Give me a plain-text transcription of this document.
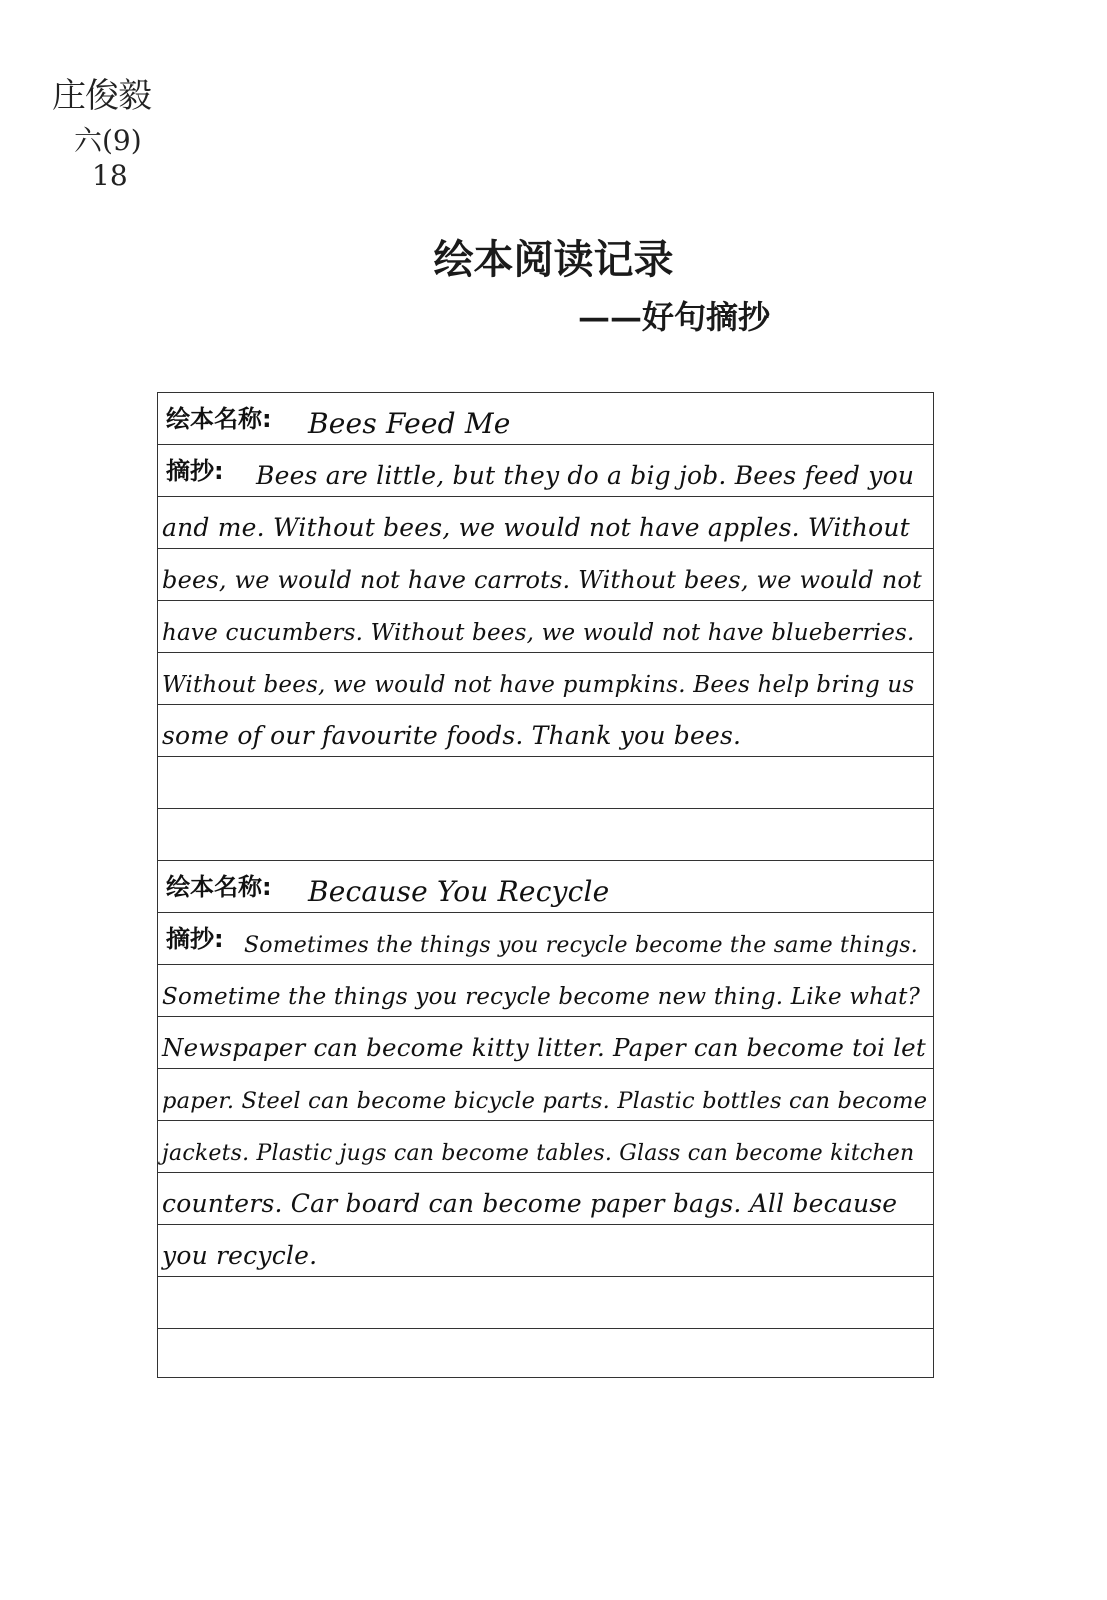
庄俊毅
六(9)
18
绘本阅读记录
——好句摘抄
绘本名称: Bees Feed Me
摘抄: Bees are little, but they do a big job. Bees feed you
and me. Without bees, we would not have apples. Without
bees, we would not have carrots. Without bees, we would not
have cucumbers. Without bees, we would not have blueberries.
Without bees, we would not have pumpkins. Bees help bring us
some of our favourite foods. Thank you bees.
绘本名称: Because You Recycle
摘抄: Sometimes the things you recycle become the same things.
Sometime the things you recycle become new thing. Like what?
Newspaper can become kitty litter. Paper can become toi let
paper. Steel can become bicycle parts. Plastic bottles can become
jackets. Plastic jugs can become tables. Glass can become kitchen
counters. Car board can become paper bags. All because
you recycle.
